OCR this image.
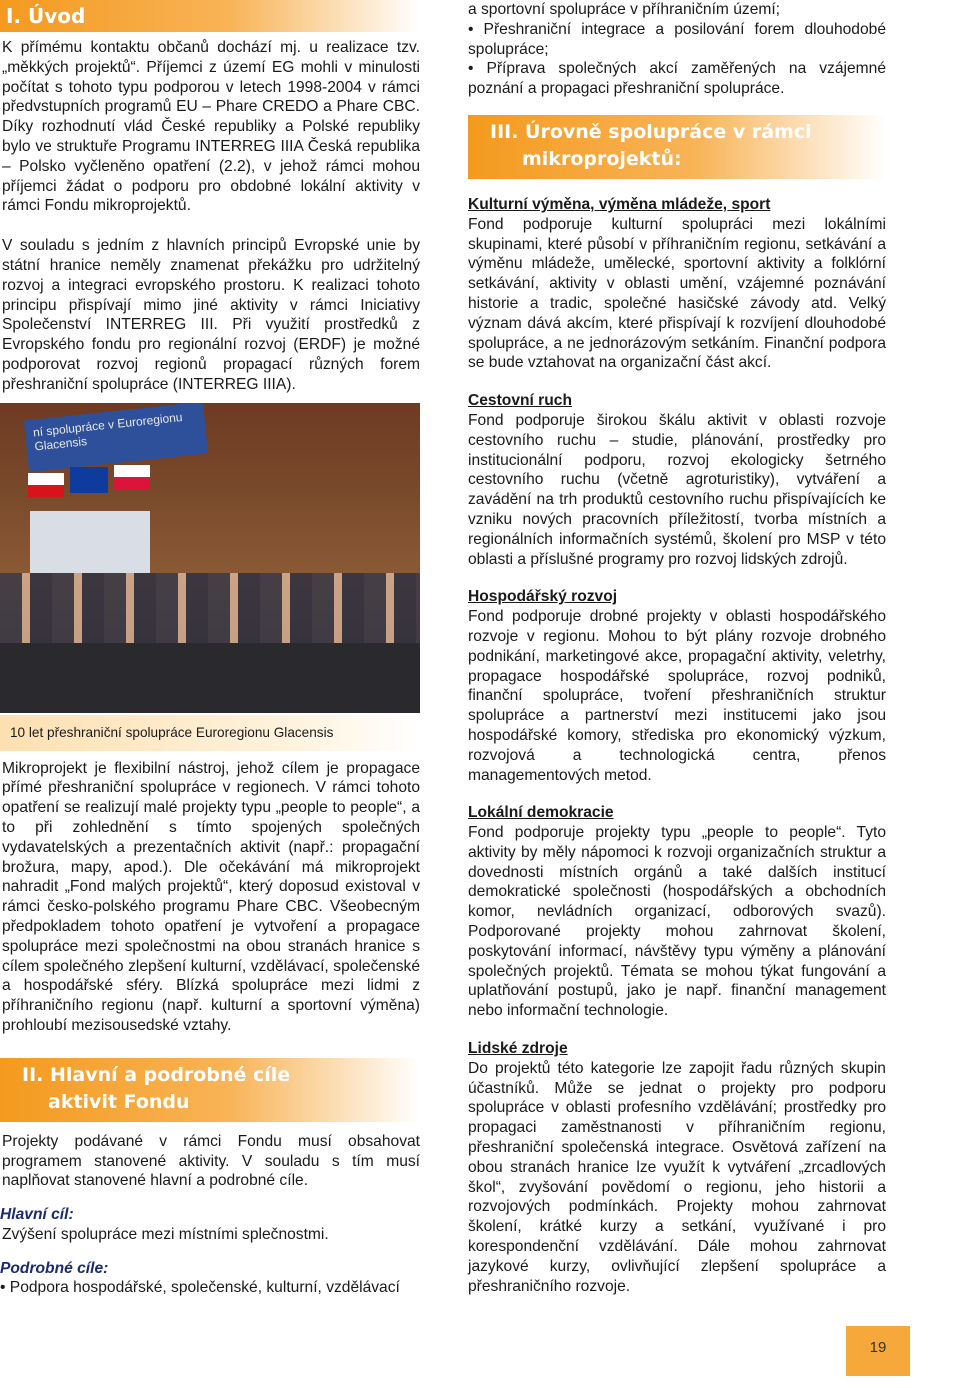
I. Úvod

K přímému kontaktu občanů dochází mj. u realizace tzv. „měkkých projektů“. Příjemci z území EG mohli v minulosti počítat s tohoto typu podporou v letech 1998-2004 v rámci předvstupních programů EU – Phare CREDO a Phare CBC. Díky rozhodnutí vlád České republiky a Polské republiky bylo ve struktuře Programu INTERREG IIIA Česká republika – Polsko vyčleněno opatření (2.2), v jehož rámci mohou příjemci žádat o podporu pro obdobné lokální aktivity v rámci Fondu mikroprojektů.

V souladu s jedním z hlavních principů Evropské unie by státní hranice neměly znamenat překážku pro udržitelný rozvoj a integraci evropského prostoru. K realizaci tohoto principu přispívají mimo jiné aktivity v rámci Iniciativy Společenství INTERREG III. Při využití prostředků z Evropského fondu pro regionální rozvoj (ERDF) je možné podporovat rozvoj regionů propagací různých forem přeshraniční spolupráce (INTERREG IIIA).

ní spolupráce v Euroregionu Glacensis
10 let přeshraniční spolupráce Euroregionu Glacensis

Mikroprojekt je flexibilní nástroj, jehož cílem je propagace přímé přeshraniční spolupráce v regionech. V rámci tohoto opatření se realizují malé projekty typu „people to people“, a to při zohlednění s tímto spojených společných vydavatelských a prezentačních aktivit (např.: propagační brožura, mapy, apod.). Dle očekávání má mikroprojekt nahradit „Fond malých projektů“, který doposud existoval v rámci česko-polského programu Phare CBC. Všeobecným předpokladem tohoto opatření je vytvoření a propagace spolupráce mezi společnostmi na obou stranách hranice s cílem společného zlepšení kulturní, vzdělávací, společenské a hospodářské sféry. Blízká spolupráce mezi lidmi z příhraničního regionu (např. kulturní a sportovní výměna) prohloubí mezisousedské vztahy.

II. Hlavní a podrobné cíle
aktivit Fondu

Projekty podávané v rámci Fondu musí obsahovat programem stanovené aktivity. V souladu s tím musí naplňovat stanovené hlavní a podrobné cíle.

Hlavní cíl:

Zvýšení spolupráce mezi místními splečnostmi.

Podrobné cíle:
• Podpora hospodářské, společenské, kulturní, vzdělávací

a sportovní spolupráce v příhraničním území;

• Přeshraniční integrace a posilování forem dlouhodobé spolupráce;

• Příprava společných akcí zaměřených na vzájemné poznání a propagaci přeshraniční spolupráce.

III. Úrovně spolupráce v rámci
mikroprojektů:
Kulturní výměna, výměna mládeže, sport

Fond podporuje kulturní spolupráci mezi lokálními skupinami, které působí v příhraničním regionu, setkávání a výměnu mládeže, umělecké, sportovní aktivity a folklórní setkávání, aktivity v oblasti umění, vzájemné poznávání historie a tradic, společné hasičské závody atd. Velký význam dává akcím, které přispívají k rozvíjení dlouhodobé spolupráce, a ne jednorázovým setkáním. Finanční podpora se bude vztahovat na organizační část akcí.

Cestovní ruch

Fond podporuje širokou škálu aktivit v oblasti rozvoje cestovního ruchu – studie, plánování, prostředky pro institucionální podporu, rozvoj ekologicky šetrného cestovního ruchu (včetně agroturistiky), vytváření a zavádění na trh produktů cestovního ruchu přispívajících ke vzniku nových pracovních příležitostí, tvorba místních a regionálních informačních systémů, školení pro MSP v této oblasti a příslušné programy pro rozvoj lidských zdrojů.

Hospodářský rozvoj

Fond podporuje drobné projekty v oblasti hospodářského rozvoje v regionu. Mohou to být plány rozvoje drobného podnikání, marketingové akce, propagační aktivity, veletrhy, propagace hospodářské spolupráce, rozvoj podniků, finanční spolupráce, tvoření přeshraničních struktur spolupráce a partnerství mezi institucemi jako jsou hospodářské komory, střediska pro ekonomický výzkum, rozvojová a technologická centra, přenos managementových metod.

Lokální demokracie

Fond podporuje projekty typu „people to people“. Tyto aktivity by měly nápomoci k rozvoji organizačních struktur a dovednosti místních orgánů a také dalších institucí demokratické společnosti (hospodářských a obchodních komor, nevládních organizací, odborových svazů). Podporované projekty mohou zahrnovat školení, poskytování informací, návštěvy typu výměny a plánování společných projektů. Témata se mohou týkat fungování a uplatňování postupů, jako je např. finanční management nebo informační technologie.

Lidské zdroje

Do projektů této kategorie lze zapojit řadu různých skupin účastníků. Může se jednat o projekty pro podporu spolupráce v oblasti profesního vzdělávání; prostředky pro propagaci zaměstnanosti v příhraničním regionu, přeshraniční společenská integrace. Osvětová zařízení na obou stranách hranice lze využít k vytváření „zrcadlových škol“, zvyšování povědomí o regionu, jeho historii a rozvojových podmínkách. Projekty mohou zahrnovat školení, krátké kurzy a setkání, využívané i pro korespondenční vzdělávání. Dále mohou zahrnovat jazykové kurzy, ovlivňující zlepšení spolupráce a přeshraničního rozvoje.

19
